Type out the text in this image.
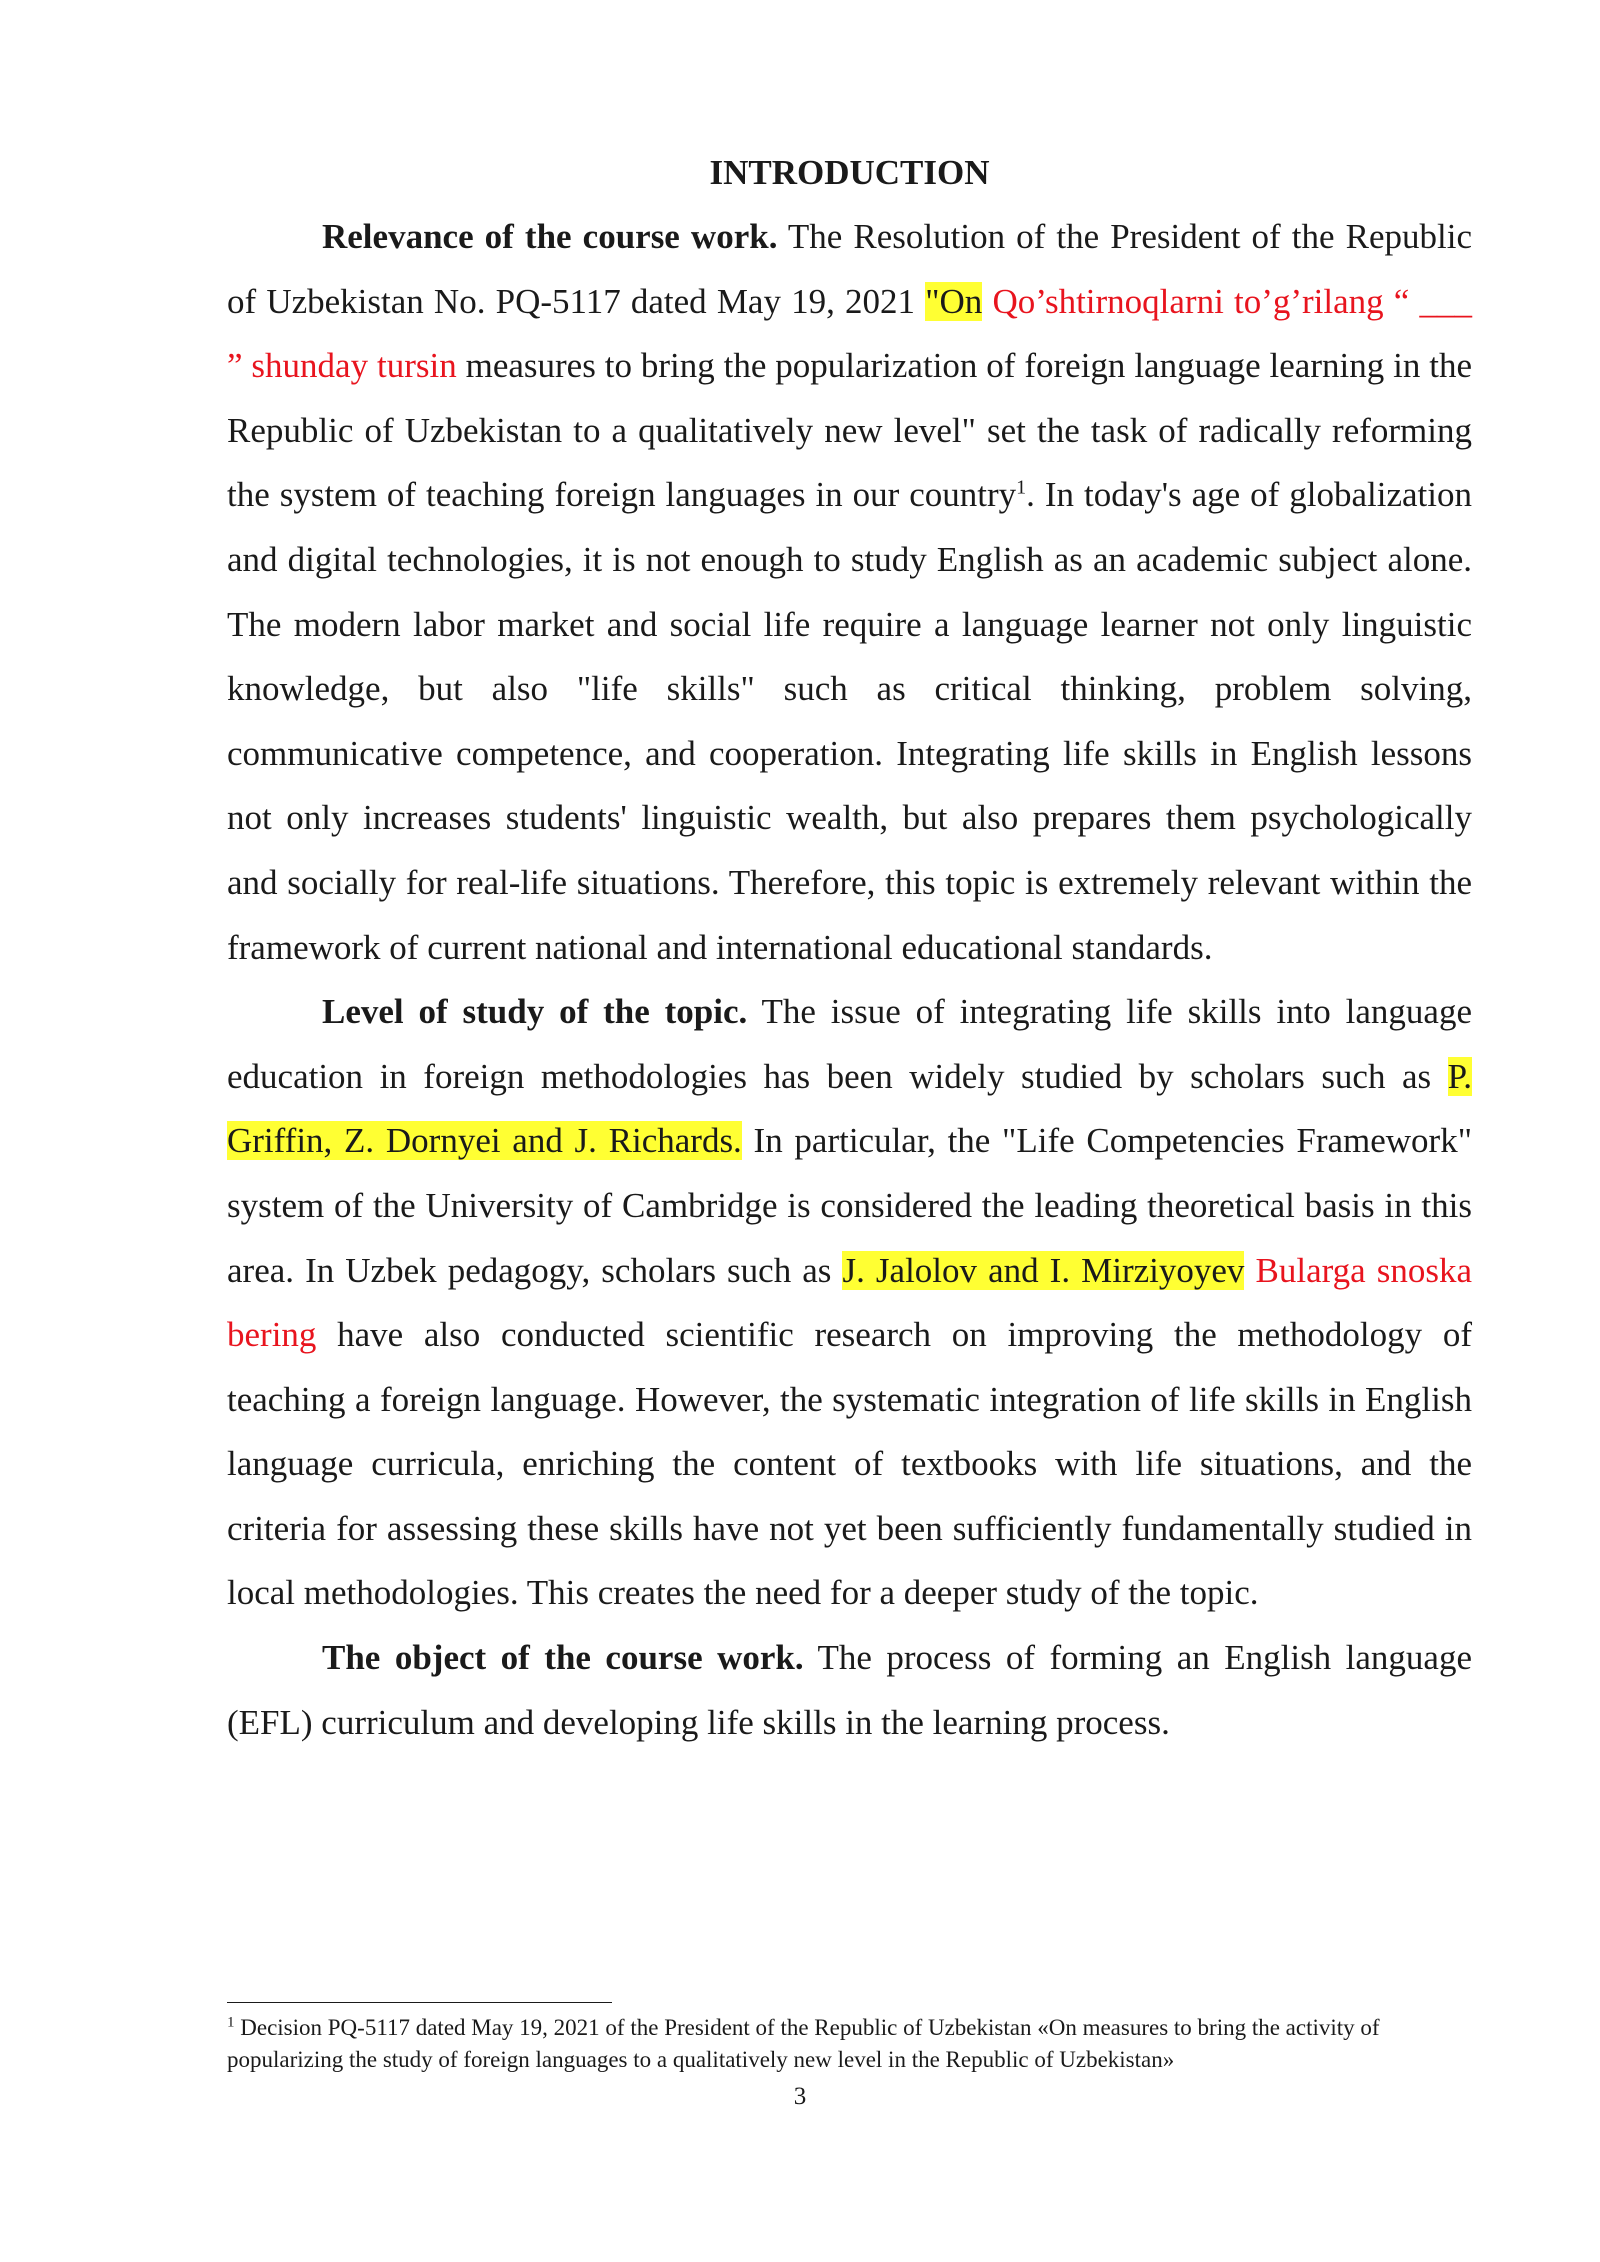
INTRODUCTION

Relevance of the course work. The Resolution of the President of the Republic of Uzbekistan No. PQ-5117 dated May 19, 2021 "On Qo’shtirnoqlarni to’g’rilang “ ___ ” shunday tursin measures to bring the popularization of foreign language learning in the Republic of Uzbekistan to a qualitatively new level" set the task of radically reforming the system of teaching foreign languages in our country$^1$. In today's age of globalization and digital technologies, it is not enough to study English as an academic subject alone. The modern labor market and social life require a language learner not only linguistic knowledge, but also "life skills" such as critical thinking, problem solving, communicative competence, and cooperation. Integrating life skills in English lessons not only increases students' linguistic wealth, but also prepares them psychologically and socially for real-life situations. Therefore, this topic is extremely relevant within the framework of current national and international educational standards.

Level of study of the topic. The issue of integrating life skills into language education in foreign methodologies has been widely studied by scholars such as P. Griffin, Z. Dornyei and J. Richards. In particular, the "Life Competencies Framework" system of the University of Cambridge is considered the leading theoretical basis in this area. In Uzbek pedagogy, scholars such as J. Jalolov and I. Mirziyoyev Bularga snoska bering have also conducted scientific research on improving the methodology of teaching a foreign language. However, the systematic integration of life skills in English language curricula, enriching the content of textbooks with life situations, and the criteria for assessing these skills have not yet been sufficiently fundamentally studied in local methodologies. This creates the need for a deeper study of the topic.

The object of the course work. The process of forming an English language (EFL) curriculum and developing life skills in the learning process.

$^1$ Decision PQ-5117 dated May 19, 2021 of the President of the Republic of Uzbekistan «On measures to bring the activity of popularizing the study of foreign languages to a qualitatively new level in the Republic of Uzbekistan»

3
